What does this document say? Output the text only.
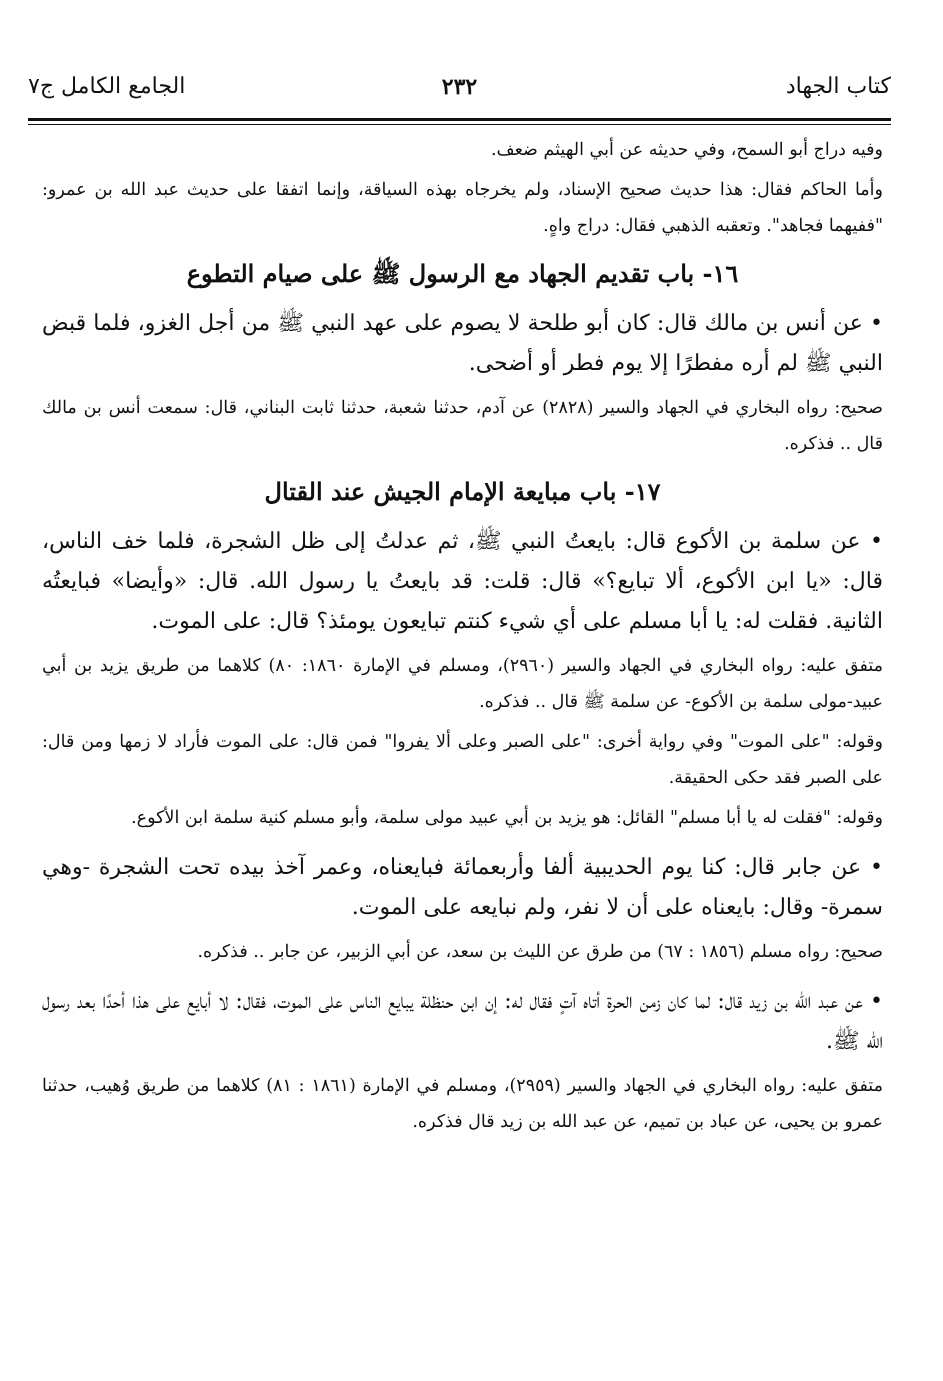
كتاب الجهاد
٢٣٢
الجامع الكامل ج٧

وفيه دراج أبو السمح، وفي حديثه عن أبي الهيثم ضعف.

وأما الحاكم فقال: هذا حديث صحيح الإسناد، ولم يخرجاه بهذه السياقة، وإنما اتفقا على حديث عبد الله بن عمرو: "ففيهما فجاهد". وتعقبه الذهبي فقال: دراج واهٍ.

١٦- باب تقديم الجهاد مع الرسول ﷺ على صيام التطوع

• عن أنس بن مالك قال: كان أبو طلحة لا يصوم على عهد النبي ﷺ من أجل الغزو، فلما قبض النبي ﷺ لم أره مفطرًا إلا يوم فطر أو أضحى.

صحيح: رواه البخاري في الجهاد والسير (٢٨٢٨) عن آدم، حدثنا شعبة، حدثنا ثابت البناني، قال: سمعت أنس بن مالك قال .. فذكره.

١٧- باب مبايعة الإمام الجيش عند القتال

• عن سلمة بن الأكوع قال: بايعتُ النبي ﷺ، ثم عدلتُ إلى ظل الشجرة، فلما خف الناس، قال: «يا ابن الأكوع، ألا تبايع؟» قال: قلت: قد بايعتُ يا رسول الله. قال: «وأيضا» فبايعتُه الثانية. فقلت له: يا أبا مسلم على أي شيء كنتم تبايعون يومئذ؟ قال: على الموت.

متفق عليه: رواه البخاري في الجهاد والسير (٢٩٦٠)، ومسلم في الإمارة ١٨٦٠: ٨٠) كلاهما من طريق يزيد بن أبي عبيد-مولى سلمة بن الأكوع- عن سلمة ﷺ قال .. فذكره.

وقوله: "على الموت" وفي رواية أخرى: "على الصبر وعلى ألا يفروا" فمن قال: على الموت فأراد لا زمها ومن قال: على الصبر فقد حكى الحقيقة.

وقوله: "فقلت له يا أبا مسلم" القائل: هو يزيد بن أبي عبيد مولى سلمة، وأبو مسلم كنية سلمة ابن الأكوع.

• عن جابر قال: كنا يوم الحديبية ألفا وأربعمائة فبايعناه، وعمر آخذ بيده تحت الشجرة -وهي سمرة- وقال: بايعناه على أن لا نفر، ولم نبايعه على الموت.

صحيح: رواه مسلم (١٨٥٦ : ٦٧) من طرق عن الليث بن سعد، عن أبي الزبير، عن جابر .. فذكره.

• عن عبد الله بن زيد قال: لما كان زمن الحرة أتاه آتٍ فقال له: إن ابن حنظلة يبايع الناس على الموت، فقال: لا أبايع على هذا أحدًا بعد رسول الله ﷺ.

متفق عليه: رواه البخاري في الجهاد والسير (٢٩٥٩)، ومسلم في الإمارة (١٨٦١ : ٨١) كلاهما من طريق وُهيب، حدثنا عمرو بن يحيى، عن عباد بن تميم، عن عبد الله بن زيد قال فذكره.
